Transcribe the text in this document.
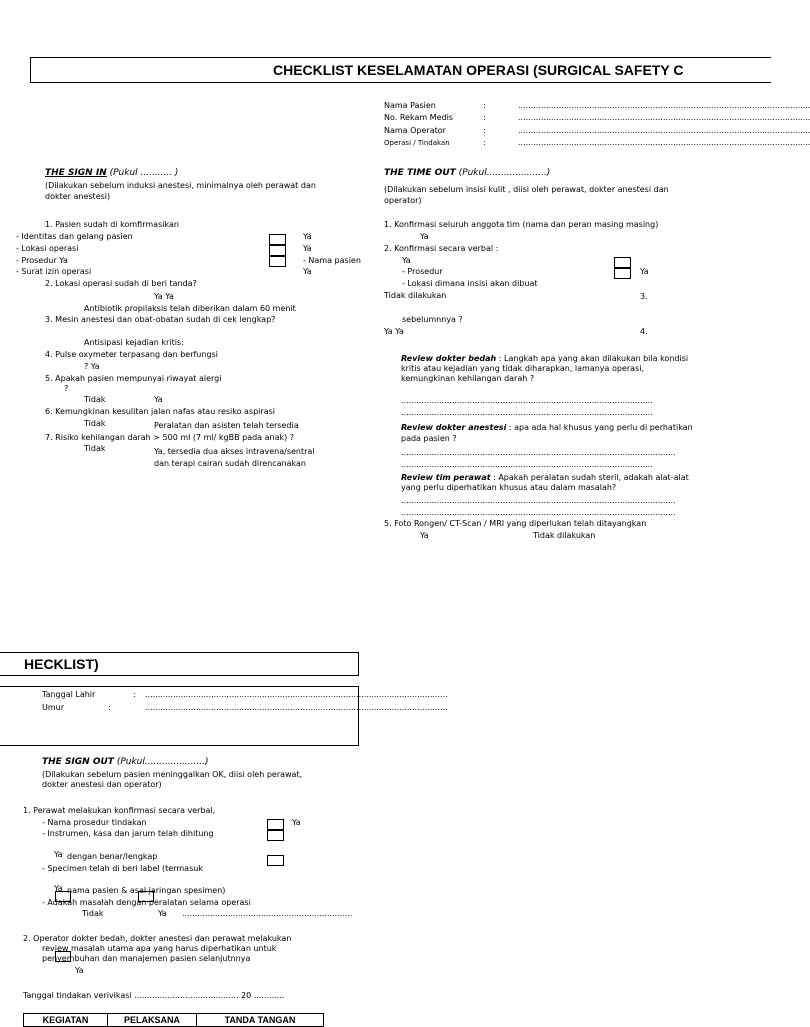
CHECKLIST KESELAMATAN OPERASI (SURGICAL SAFETY C
Nama Pasien	:	...................................................................................................................
No. Rekam Medis	:	...................................................................................................................
Nama Operator	:	...................................................................................................................
Operasi / Tindakan	:	...................................................................................................................
THE SIGN IN (Pukul ........... )
(Dilakukan sebelum induksi anestesi, minimalnya oleh perawat dan
dokter anestesi)
1. Pasien sudah di komfirmasikan
- Identitas dan gelang pasien
- Lokasi operasi
- Prosedur Ya
- Surat izin operasi
Ya
Ya
- Nama pasien
Ya
2. Lokasi operasi sudah di beri tanda?
Ya Ya
Antibiotik propilaksis telah diberikan dalam 60 menit
3. Mesin anestesi dan obat-obatan sudah di cek lengkap?
Antisipasi kejadian kritis:
4. Pulse oxymeter terpasang dan berfungsi
? Ya
5. Apakah pasien mempunyai riwayat alergi
?
Tidak	Ya
6. Kemungkinan kesulitan jalan nafas atau resiko aspirasi
Tidak	Peralatan dan asisten telah tersedia
7. Risiko kehilangan darah > 500 ml (7 ml/ kgBB pada anak) ?
Tidak	Ya, tersedia dua akses intravena/sentral
dan terapi cairan sudah direncanakan
THE TIME OUT (Pukul.....................)
(Dilakukan sebelum insisi kulit , diisi oleh perawat, dokter anestesi dan
operator)
1. Konfirmasi seluruh anggota tim (nama dan peran masing masing)
Ya
2. Konfirmasi secara verbal :
Ya
- Prosedur	Ya
- Lokasi dimana insisi akan dibuat
Tidak dilakukan	3.
sebelumnnya ?
Ya Ya	4.
Review dokter bedah : Langkah apa yang akan dilakukan bila kondisi
kritis atau kejadian yang tidak diharapkan, lamanya operasi,
kemungkinan kehilangan darah ?
...................................................................................................
...................................................................................................
Review dokter anestesi : apa ada hal khusus yang perlu di perhatikan
pada pasien ?
............................................................................................................
...................................................................................................
Review tim perawat : Apakah peralatan sudah steril, adakah alat-alat
yang perlu diperhatikan khusus atau dalam masalah?
............................................................................................................
............................................................................................................
5. Foto Rongen/ CT-Scan / MRI yang diperlukan telah ditayangkan
Ya	Tidak dilakukan
HECKLIST)
Tanggal Lahir	: .......................................................................................................................
Umur	:	.......................................................................................................................
THE SIGN OUT (Pukul.....................)
(Dilakukan sebelum pasien meninggalkan OK, diisi oleh perawat,
dokter anestesi dan operator)
1. Perawat melakukan konfirmasi secara verbal,
- Nama prosedur tindakan	Ya
- Instrumen, kasa dan jarum telah dihitung
Ya dengan benar/lengkap
- Specimen telah di beri label (termasuk
Ya nama pasien & asal jaringan spesimen)
- Adakah masalah dengan peralatan selama operasi
Tidak	Ya ...................................................................
2. Operator dokter bedah, dokter anestesi dan perawat melakukan
review masalah utama apa yang harus diperhatikan untuk
penyembuhan dan manajemen pasien selanjutnnya
Ya
Tanggal tindakan verivikasi ......................................... 20 ............
KEGIATAN	PELAKSANA	TANDA TANGAN
